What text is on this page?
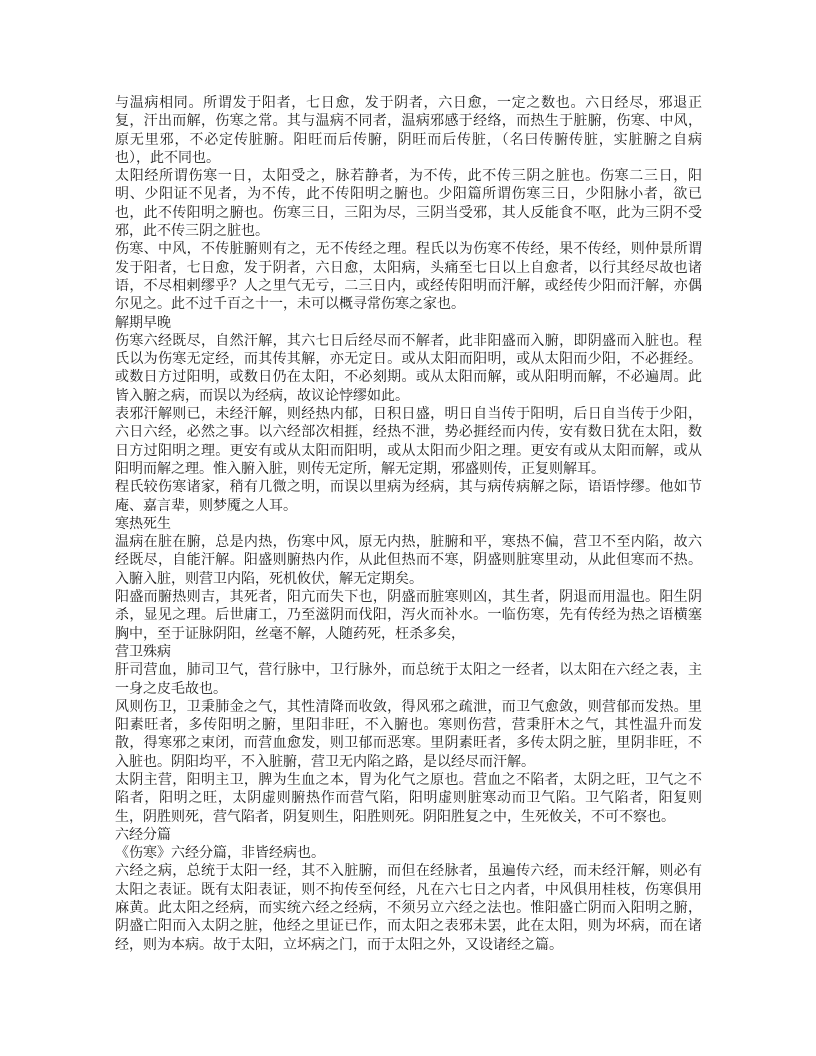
与温病相同。所谓发于阳者，七日愈，发于阴者，六日愈，一定之数也。六日经尽，邪退正复，汗出而解，伤寒之常。其与温病不同者，温病邪感于经络，而热生于脏腑，伤寒、中风，原无里邪，不必定传脏腑。阳旺而后传腑，阴旺而后传脏，（名曰传腑传脏，实脏腑之自病也），此不同也。

太阳经所谓伤寒一日，太阳受之，脉若静者，为不传，此不传三阴之脏也。伤寒二三日，阳明、少阳证不见者，为不传，此不传阳明之腑也。少阳篇所谓伤寒三日，少阳脉小者，欲已也，此不传阳明之腑也。伤寒三日，三阳为尽，三阴当受邪，其人反能食不呕，此为三阴不受邪，此不传三阴之脏也。

伤寒、中风，不传脏腑则有之，无不传经之理。程氏以为伤寒不传经，果不传经，则仲景所谓发于阳者，七日愈，发于阴者，六日愈，太阳病，头痛至七日以上自愈者，以行其经尽故也诸语，不尽相剌缪乎？人之里气无亏，二三日内，或经传阳明而汗解，或经传少阳而汗解，亦偶尔见之。此不过千百之十一，未可以概寻常伤寒之家也。

解期早晚

伤寒六经既尽，自然汗解，其六七日后经尽而不解者，此非阳盛而入腑，即阴盛而入脏也。程氏以为伤寒无定经，而其传其解，亦无定日。或从太阳而阳明，或从太阳而少阳，不必捱经。或数日方过阳明，或数日仍在太阳，不必刻期。或从太阳而解，或从阳明而解，不必遍周。此皆入腑之病，而误以为经病，故议论悖缪如此。

表邪汗解则已，未经汗解，则经热内郁，日积日盛，明日自当传于阳明，后日自当传于少阳，六日六经，必然之事。以六经部次相捱，经热不泄，势必捱经而内传，安有数日犹在太阳，数日方过阳明之理。更安有或从太阳而阳明，或从太阳而少阳之理。更安有或从太阳而解，或从阳明而解之理。惟入腑入脏，则传无定所，解无定期，邪盛则传，正复则解耳。

程氏较伤寒诸家，稍有几微之明，而误以里病为经病，其与病传病解之际，语语悖缪。他如节庵、嘉言辈，则梦魇之人耳。

寒热死生

温病在脏在腑，总是内热，伤寒中风，原无内热，脏腑和平，寒热不偏，营卫不至内陷，故六经既尽，自能汗解。阳盛则腑热内作，从此但热而不寒，阴盛则脏寒里动，从此但寒而不热。入腑入脏，则营卫内陷，死机攸伏，解无定期矣。

阳盛而腑热则吉，其死者，阳亢而失下也，阴盛而脏寒则凶，其生者，阴退而用温也。阳生阴杀，显见之理。后世庸工，乃至滋阴而伐阳，泻火而补水。一临伤寒，先有传经为热之语横塞胸中，至于证脉阴阳，丝毫不解，人随药死，枉杀多矣，

营卫殊病

肝司营血，肺司卫气，营行脉中，卫行脉外，而总统于太阳之一经者，以太阳在六经之表，主一身之皮毛故也。

风则伤卫，卫秉肺金之气，其性清降而收敛，得风邪之疏泄，而卫气愈敛，则营郁而发热。里阳素旺者，多传阳明之腑，里阳非旺，不入腑也。寒则伤营，营秉肝木之气，其性温升而发散，得寒邪之束闭，而营血愈发，则卫郁而恶寒。里阴素旺者，多传太阴之脏，里阴非旺，不入脏也。阴阳均平，不入脏腑，营卫无内陷之路，是以经尽而汗解。

太阴主营，阳明主卫，脾为生血之本，胃为化气之原也。营血之不陷者，太阴之旺，卫气之不陷者，阳明之旺，太阴虚则腑热作而营气陷，阳明虚则脏寒动而卫气陷。卫气陷者，阳复则生，阴胜则死，营气陷者，阴复则生，阳胜则死。阴阳胜复之中，生死攸关，不可不察也。

六经分篇

《伤寒》六经分篇，非皆经病也。

六经之病，总统于太阳一经，其不入脏腑，而但在经脉者，虽遍传六经，而未经汗解，则必有太阳之表证。既有太阳表证，则不拘传至何经，凡在六七日之内者，中风俱用桂枝，伤寒俱用麻黄。此太阳之经病，而实统六经之经病，不须另立六经之法也。惟阳盛亡阴而入阳明之腑，阴盛亡阳而入太阴之脏，他经之里证已作，而太阳之表邪未罢，此在太阳，则为坏病，而在诸经，则为本病。故于太阳，立坏病之门，而于太阳之外，又设诸经之篇。
